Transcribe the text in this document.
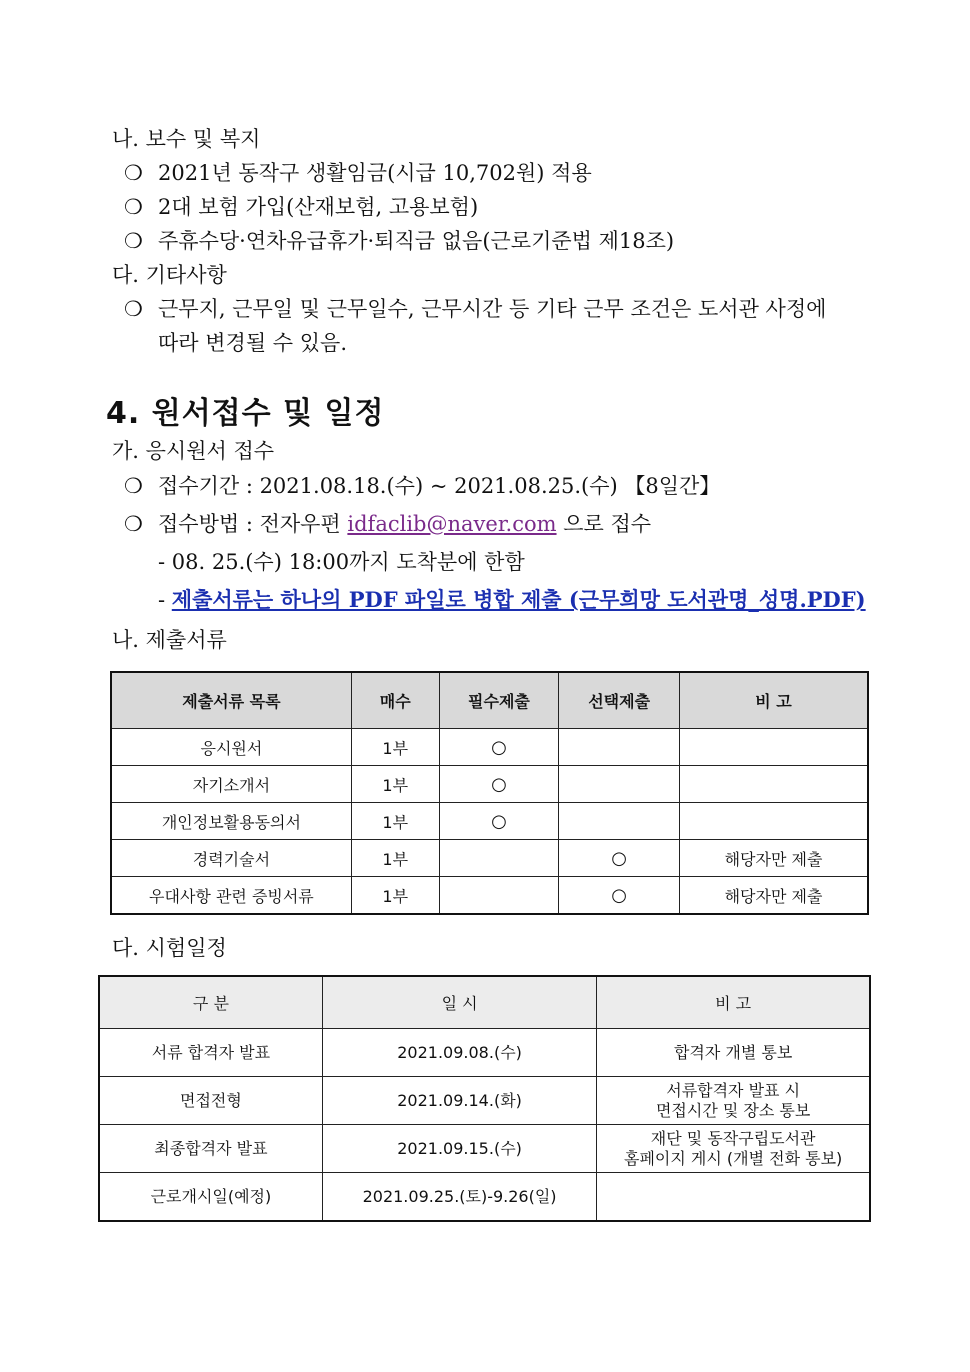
나. 보수 및 복지
❍ 2021년 동작구 생활임금(시급 10,702원) 적용
❍ 2대 보험 가입(산재보험, 고용보험)
❍ 주휴수당·연차유급휴가·퇴직금 없음(근로기준법 제18조)
다. 기타사항
❍ 근무지, 근무일 및 근무일수, 근무시간 등 기타 근무 조건은 도서관 사정에
따라 변경될 수 있음.
4. 원서접수 및 일정
가. 응시원서 접수
❍ 접수기간 : 2021.08.18.(수) ~ 2021.08.25.(수) 【8일간】
❍ 접수방법 : 전자우편 idfaclib@naver.com 으로 접수
- 08. 25.(수) 18:00까지 도착분에 한함
- 제출서류는 하나의 PDF 파일로 병합 제출 (근무희망 도서관명_성명.PDF)
나. 제출서류
제출서류 목록	매수	필수제출	선택제출	비 고
응시원서	1부	○		
자기소개서	1부	○		
개인정보활용동의서	1부	○		
경력기술서	1부		○	해당자만 제출
우대사항 관련 증빙서류	1부		○	해당자만 제출
다. 시험일정
구 분	일 시	비 고
서류 합격자 발표	2021.09.08.(수)	합격자 개별 통보

면접전형	2021.09.14.(화)	서류합격자 발표 시
면접시간 및 장소 통보

최종합격자 발표	2021.09.15.(수)	재단 및 동작구립도서관
홈페이지 게시 (개별 전화 통보)

근로개시일(예정)	2021.09.25.(토)-9.26(일)	
